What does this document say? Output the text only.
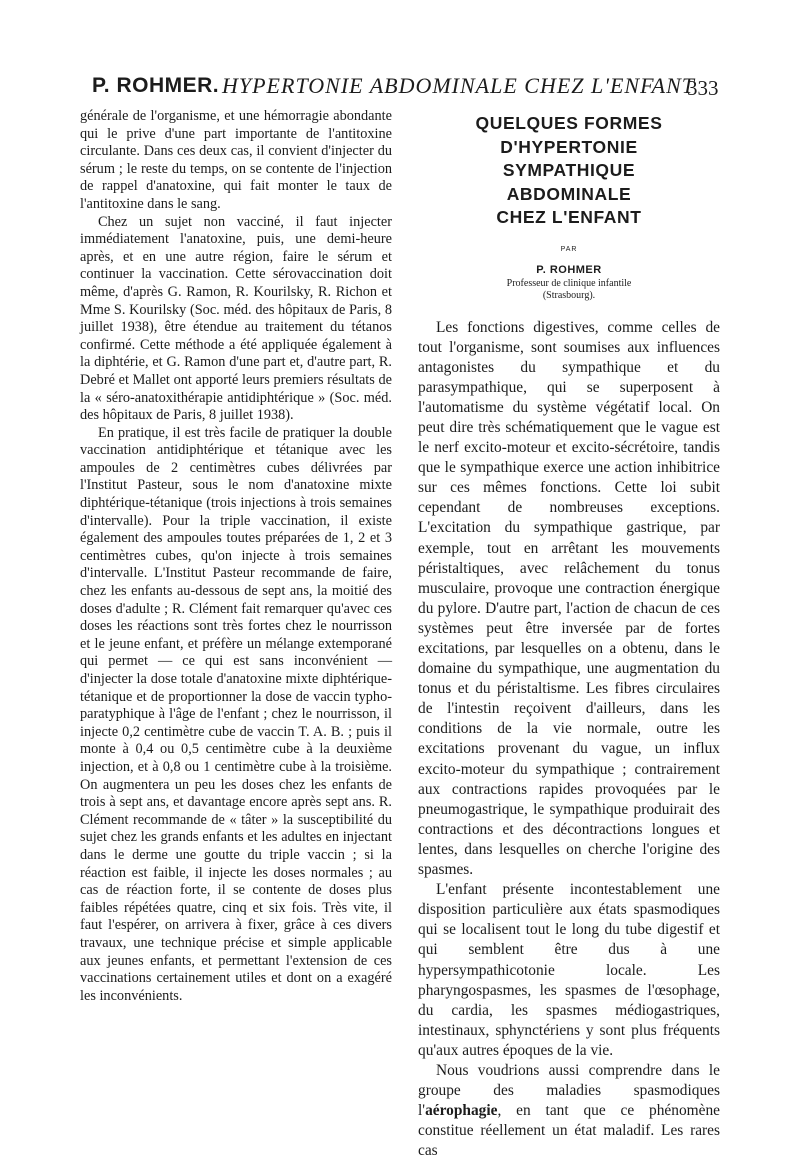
P. ROHMER. HYPERTONIE ABDOMINALE CHEZ L'ENFANT
333

générale de l'organisme, et une hémorragie abondante qui le prive d'une part importante de l'antitoxine circulante. Dans ces deux cas, il convient d'injecter du sérum ; le reste du temps, on se contente de l'injection de rappel d'anatoxine, qui fait monter le taux de l'antitoxine dans le sang.

Chez un sujet non vacciné, il faut injecter immédiatement l'anatoxine, puis, une demi-heure après, et en une autre région, faire le sérum et continuer la vaccination. Cette sérovaccination doit même, d'après G. Ramon, R. Kourilsky, R. Richon et Mme S. Kourilsky (Soc. méd. des hôpitaux de Paris, 8 juillet 1938), être étendue au traitement du tétanos confirmé. Cette méthode a été appliquée également à la diphtérie, et G. Ramon d'une part et, d'autre part, R. Debré et Mallet ont apporté leurs premiers résultats de la « séro-anatoxithérapie antidiphtérique » (Soc. méd. des hôpitaux de Paris, 8 juillet 1938).

En pratique, il est très facile de pratiquer la double vaccination antidiphtérique et tétanique avec les ampoules de 2 centimètres cubes délivrées par l'Institut Pasteur, sous le nom d'anatoxine mixte diphtérique-tétanique (trois injections à trois semaines d'intervalle). Pour la triple vaccination, il existe également des ampoules toutes préparées de 1, 2 et 3 centimètres cubes, qu'on injecte à trois semaines d'intervalle. L'Institut Pasteur recommande de faire, chez les enfants au-dessous de sept ans, la moitié des doses d'adulte ; R. Clément fait remarquer qu'avec ces doses les réactions sont très fortes chez le nourrisson et le jeune enfant, et préfère un mélange extemporané qui permet — ce qui est sans inconvénient — d'injecter la dose totale d'anatoxine mixte diphtérique-tétanique et de proportionner la dose de vaccin typho-paratyphique à l'âge de l'enfant ; chez le nourrisson, il injecte 0,2 centimètre cube de vaccin T. A. B. ; puis il monte à 0,4 ou 0,5 centimètre cube à la deuxième injection, et à 0,8 ou 1 centimètre cube à la troisième. On augmentera un peu les doses chez les enfants de trois à sept ans, et davantage encore après sept ans. R. Clément recommande de « tâter » la susceptibilité du sujet chez les grands enfants et les adultes en injectant dans le derme une goutte du triple vaccin ; si la réaction est faible, il injecte les doses normales ; au cas de réaction forte, il se contente de doses plus faibles répétées quatre, cinq et six fois. Très vite, il faut l'espérer, on arrivera à fixer, grâce à ces divers travaux, une technique précise et simple applicable aux jeunes enfants, et permettant l'extension de ces vaccinations certainement utiles et dont on a exagéré les inconvénients.

QUELQUES FORMES
D'HYPERTONIE
SYMPATHIQUE
ABDOMINALE
CHEZ L'ENFANT
PAR
P. ROHMER
Professeur de clinique infantile
(Strasbourg).

Les fonctions digestives, comme celles de tout l'organisme, sont soumises aux influences antagonistes du sympathique et du parasympathique, qui se superposent à l'automatisme du système végétatif local. On peut dire très schématiquement que le vague est le nerf excito-moteur et excito-sécrétoire, tandis que le sympathique exerce une action inhibitrice sur ces mêmes fonctions. Cette loi subit cependant de nombreuses exceptions. L'excitation du sympathique gastrique, par exemple, tout en arrêtant les mouvements péristaltiques, avec relâchement du tonus musculaire, provoque une contraction énergique du pylore. D'autre part, l'action de chacun de ces systèmes peut être inversée par de fortes excitations, par lesquelles on a obtenu, dans le domaine du sympathique, une augmentation du tonus et du péristaltisme. Les fibres circulaires de l'intestin reçoivent d'ailleurs, dans les conditions de la vie normale, outre les excitations provenant du vague, un influx excito-moteur du sympathique ; contrairement aux contractions rapides provoquées par le pneumogastrique, le sympathique produirait des contractions et des décontractions longues et lentes, dans lesquelles on cherche l'origine des spasmes.

L'enfant présente incontestablement une disposition particulière aux états spasmodiques qui se localisent tout le long du tube digestif et qui semblent être dus à une hypersympathicotonie locale. Les pharyngospasmes, les spasmes de l'œsophage, du cardia, les spasmes médiogastriques, intestinaux, sphynctériens y sont plus fréquents qu'aux autres époques de la vie.

Nous voudrions aussi comprendre dans le groupe des maladies spasmodiques l'aérophagie, en tant que ce phénomène constitue réellement un état maladif. Les rares cas
